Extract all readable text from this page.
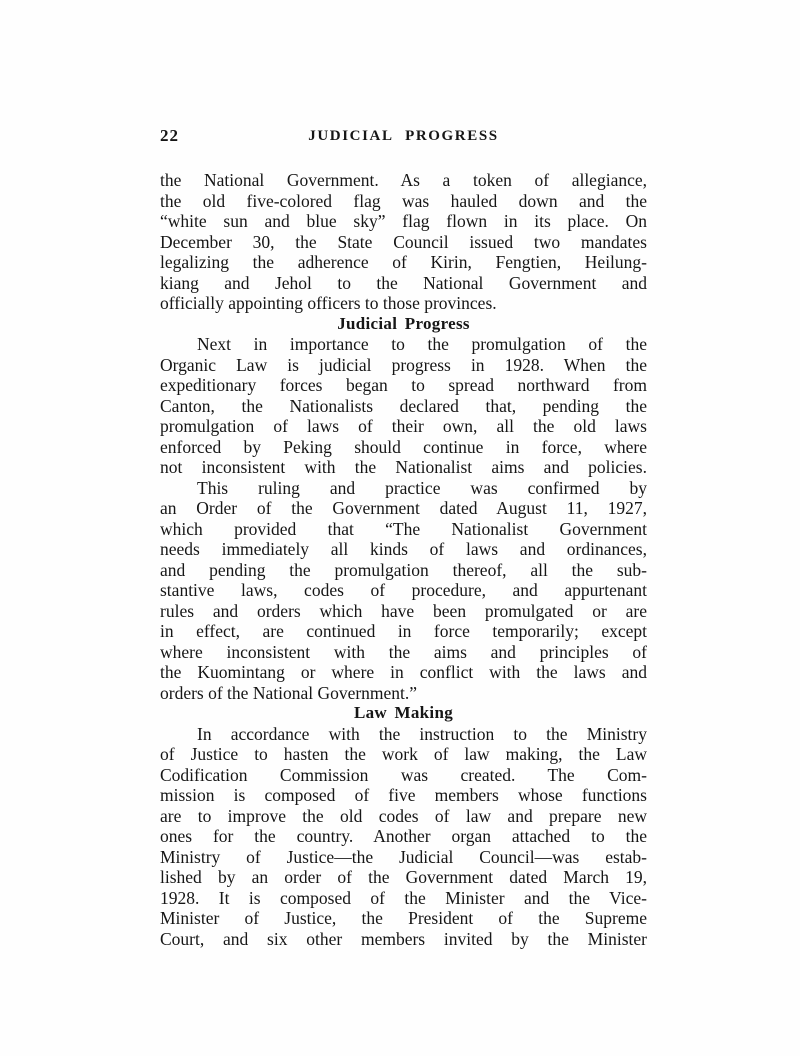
22	JUDICIAL PROGRESS
the National Government. As a token of allegiance,
the old five-colored flag was hauled down and the
“white sun and blue sky” flag flown in its place. On
December 30, the State Council issued two mandates
legalizing the adherence of Kirin, Fengtien, Heilung-
kiang and Jehol to the National Government and
officially appointing officers to those provinces.
Judicial Progress
Next in importance to the promulgation of the
Organic Law is judicial progress in 1928. When the
expeditionary forces began to spread northward from
Canton, the Nationalists declared that, pending the
promulgation of laws of their own, all the old laws
enforced by Peking should continue in force, where
not inconsistent with the Nationalist aims and policies.
This ruling and practice was confirmed by
an Order of the Government dated August 11, 1927,
which provided that “The Nationalist Government
needs immediately all kinds of laws and ordinances,
and pending the promulgation thereof, all the sub-
stantive laws, codes of procedure, and appurtenant
rules and orders which have been promulgated or are
in effect, are continued in force temporarily; except
where inconsistent with the aims and principles of
the Kuomintang or where in conflict with the laws and
orders of the National Government.”
Law Making
In accordance with the instruction to the Ministry
of Justice to hasten the work of law making, the Law
Codification Commission was created. The Com-
mission is composed of five members whose functions
are to improve the old codes of law and prepare new
ones for the country. Another organ attached to the
Ministry of Justice—the Judicial Council—was estab-
lished by an order of the Government dated March 19,
1928. It is composed of the Minister and the Vice-
Minister of Justice, the President of the Supreme
Court, and six other members invited by the Minister
